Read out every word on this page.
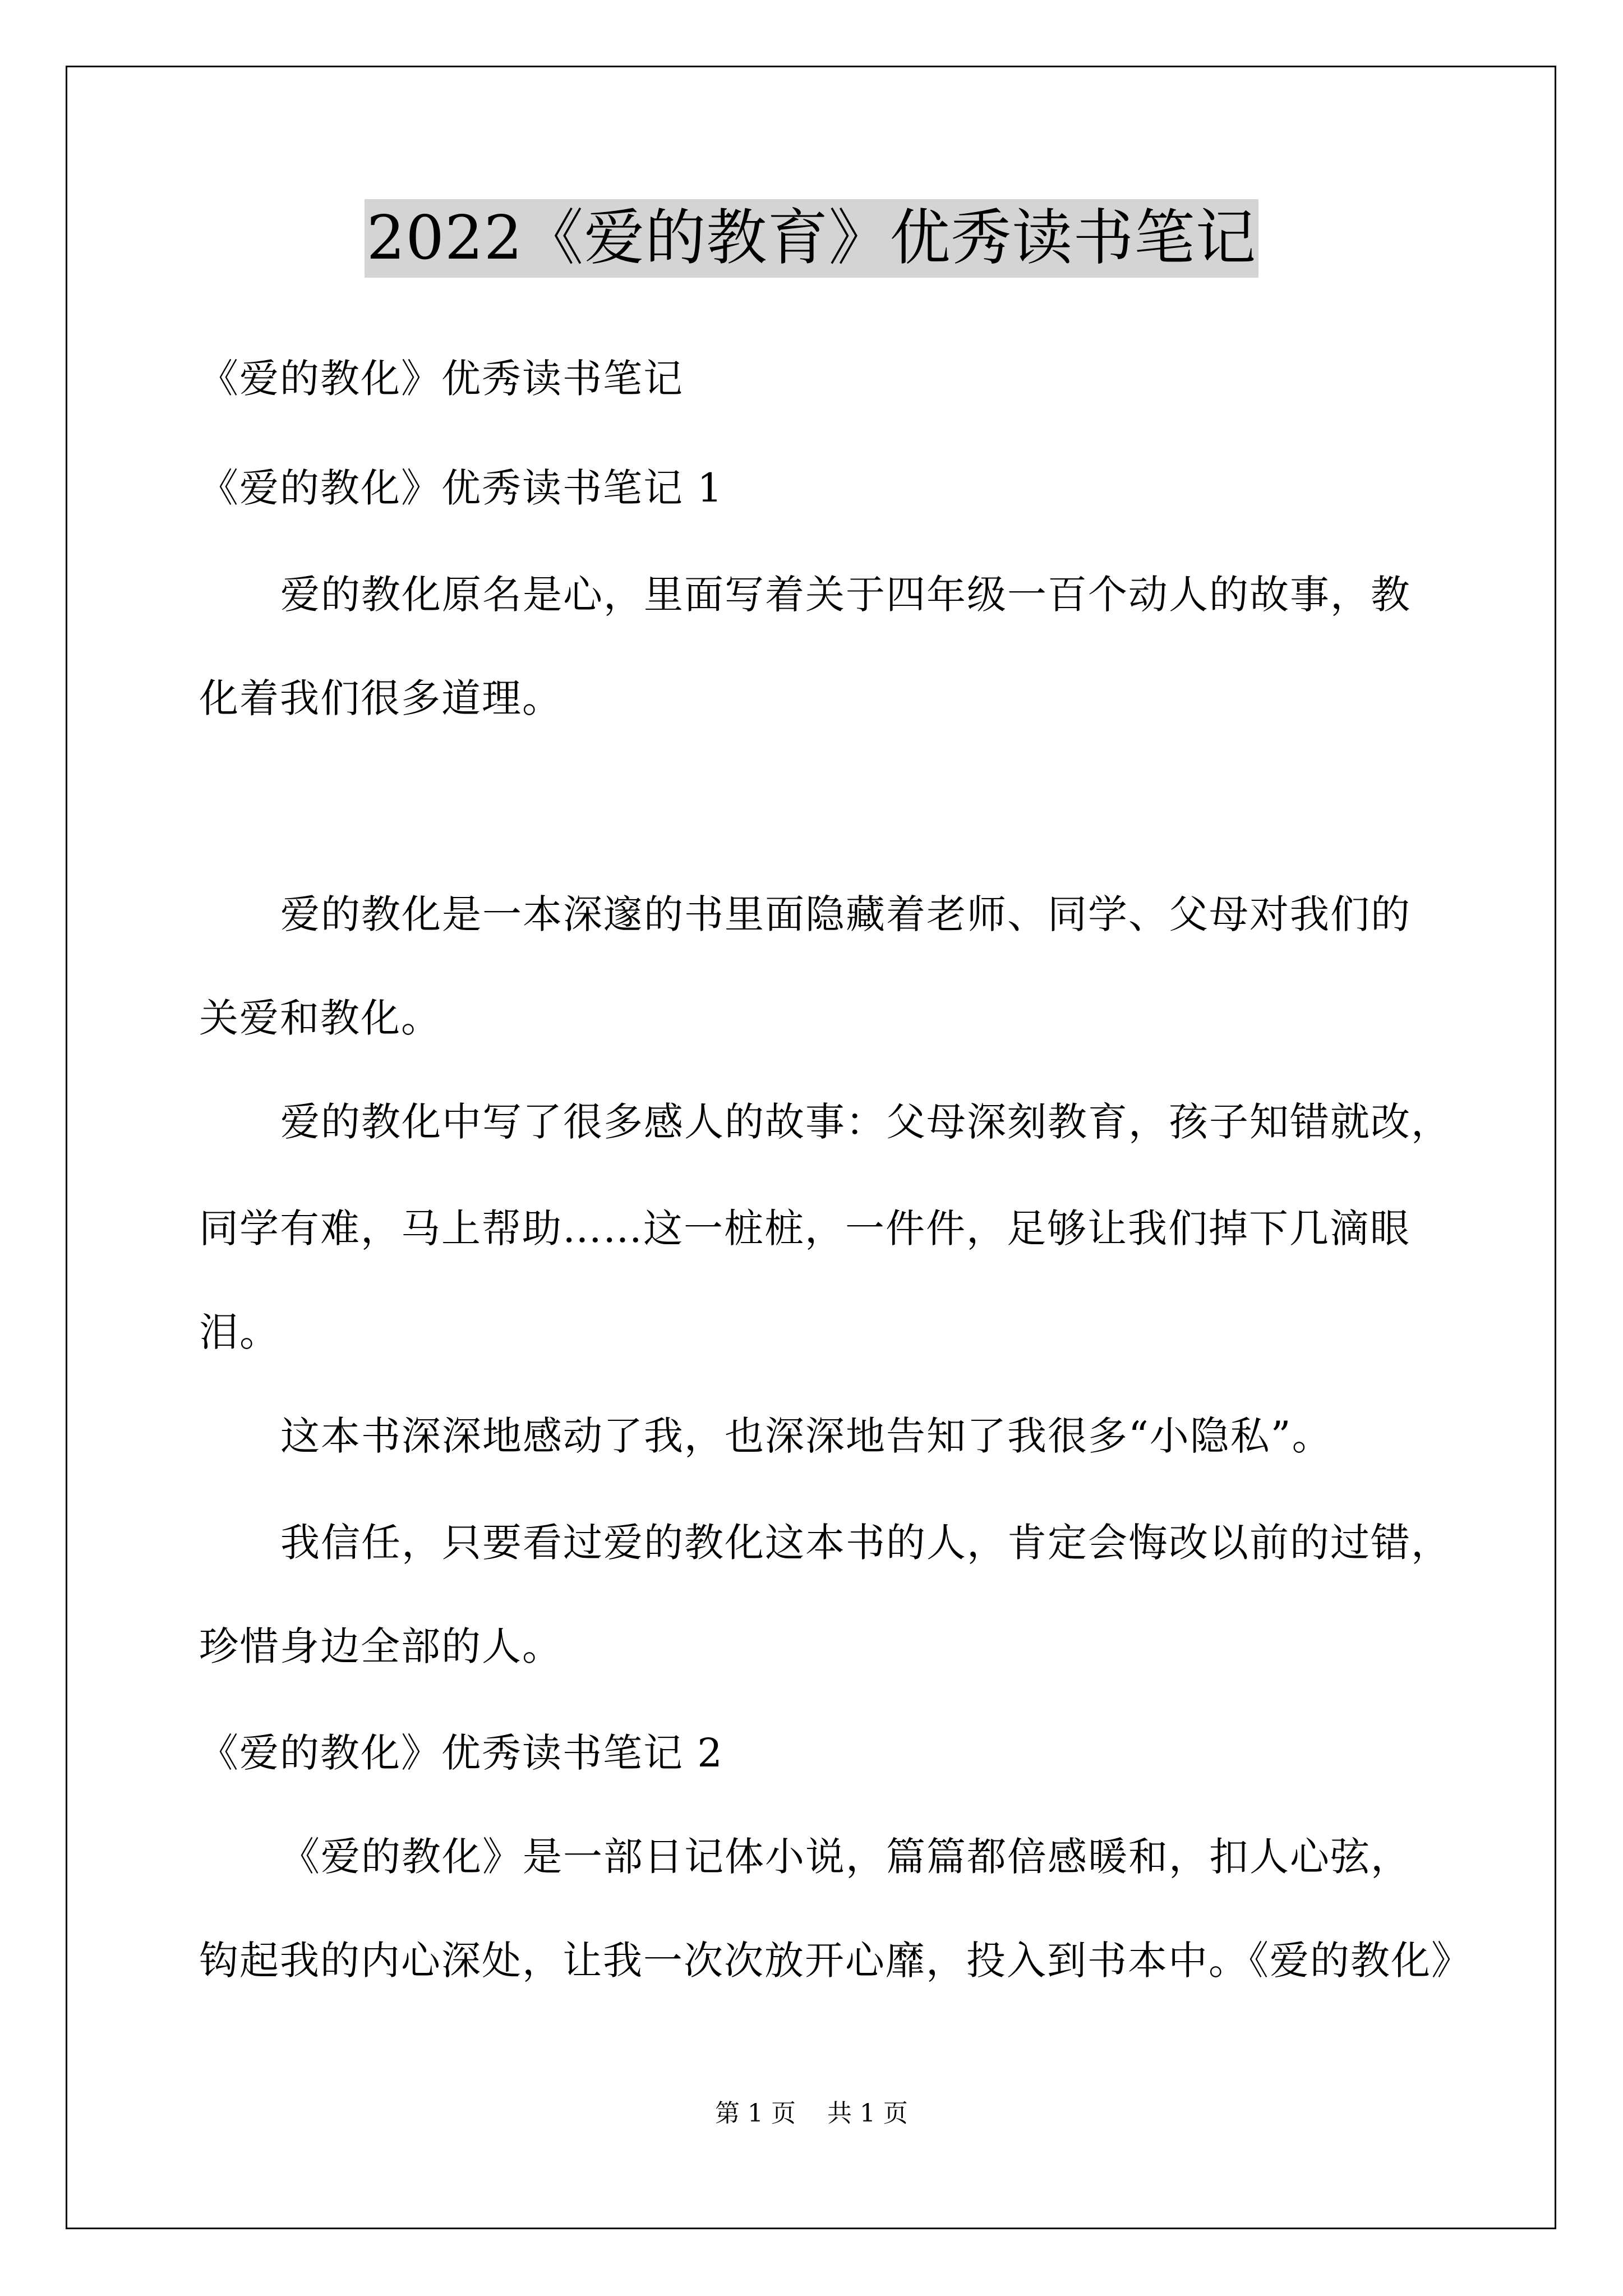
2022《爱的教育》优秀读书笔记
《爱的教化》优秀读书笔记
《爱的教化》优秀读书笔记 1
爱的教化原名是心，里面写着关于四年级一百个动人的故事，教
化着我们很多道理。
爱的教化是一本深邃的书里面隐藏着老师、同学、父母对我们的
关爱和教化。
爱的教化中写了很多感人的故事：父母深刻教育，孩子知错就改，
同学有难，马上帮助……这一桩桩，一件件，足够让我们掉下几滴眼
泪。
这本书深深地感动了我，也深深地告知了我很多“小隐私”。
我信任，只要看过爱的教化这本书的人，肯定会悔改以前的过错，
珍惜身边全部的人。
《爱的教化》优秀读书笔记 2
《爱的教化》是一部日记体小说，篇篇都倍感暖和，扣人心弦，
钩起我的内心深处，让我一次次放开心靡，投入到书本中。《爱的教化》
第 1 页    共 1 页
